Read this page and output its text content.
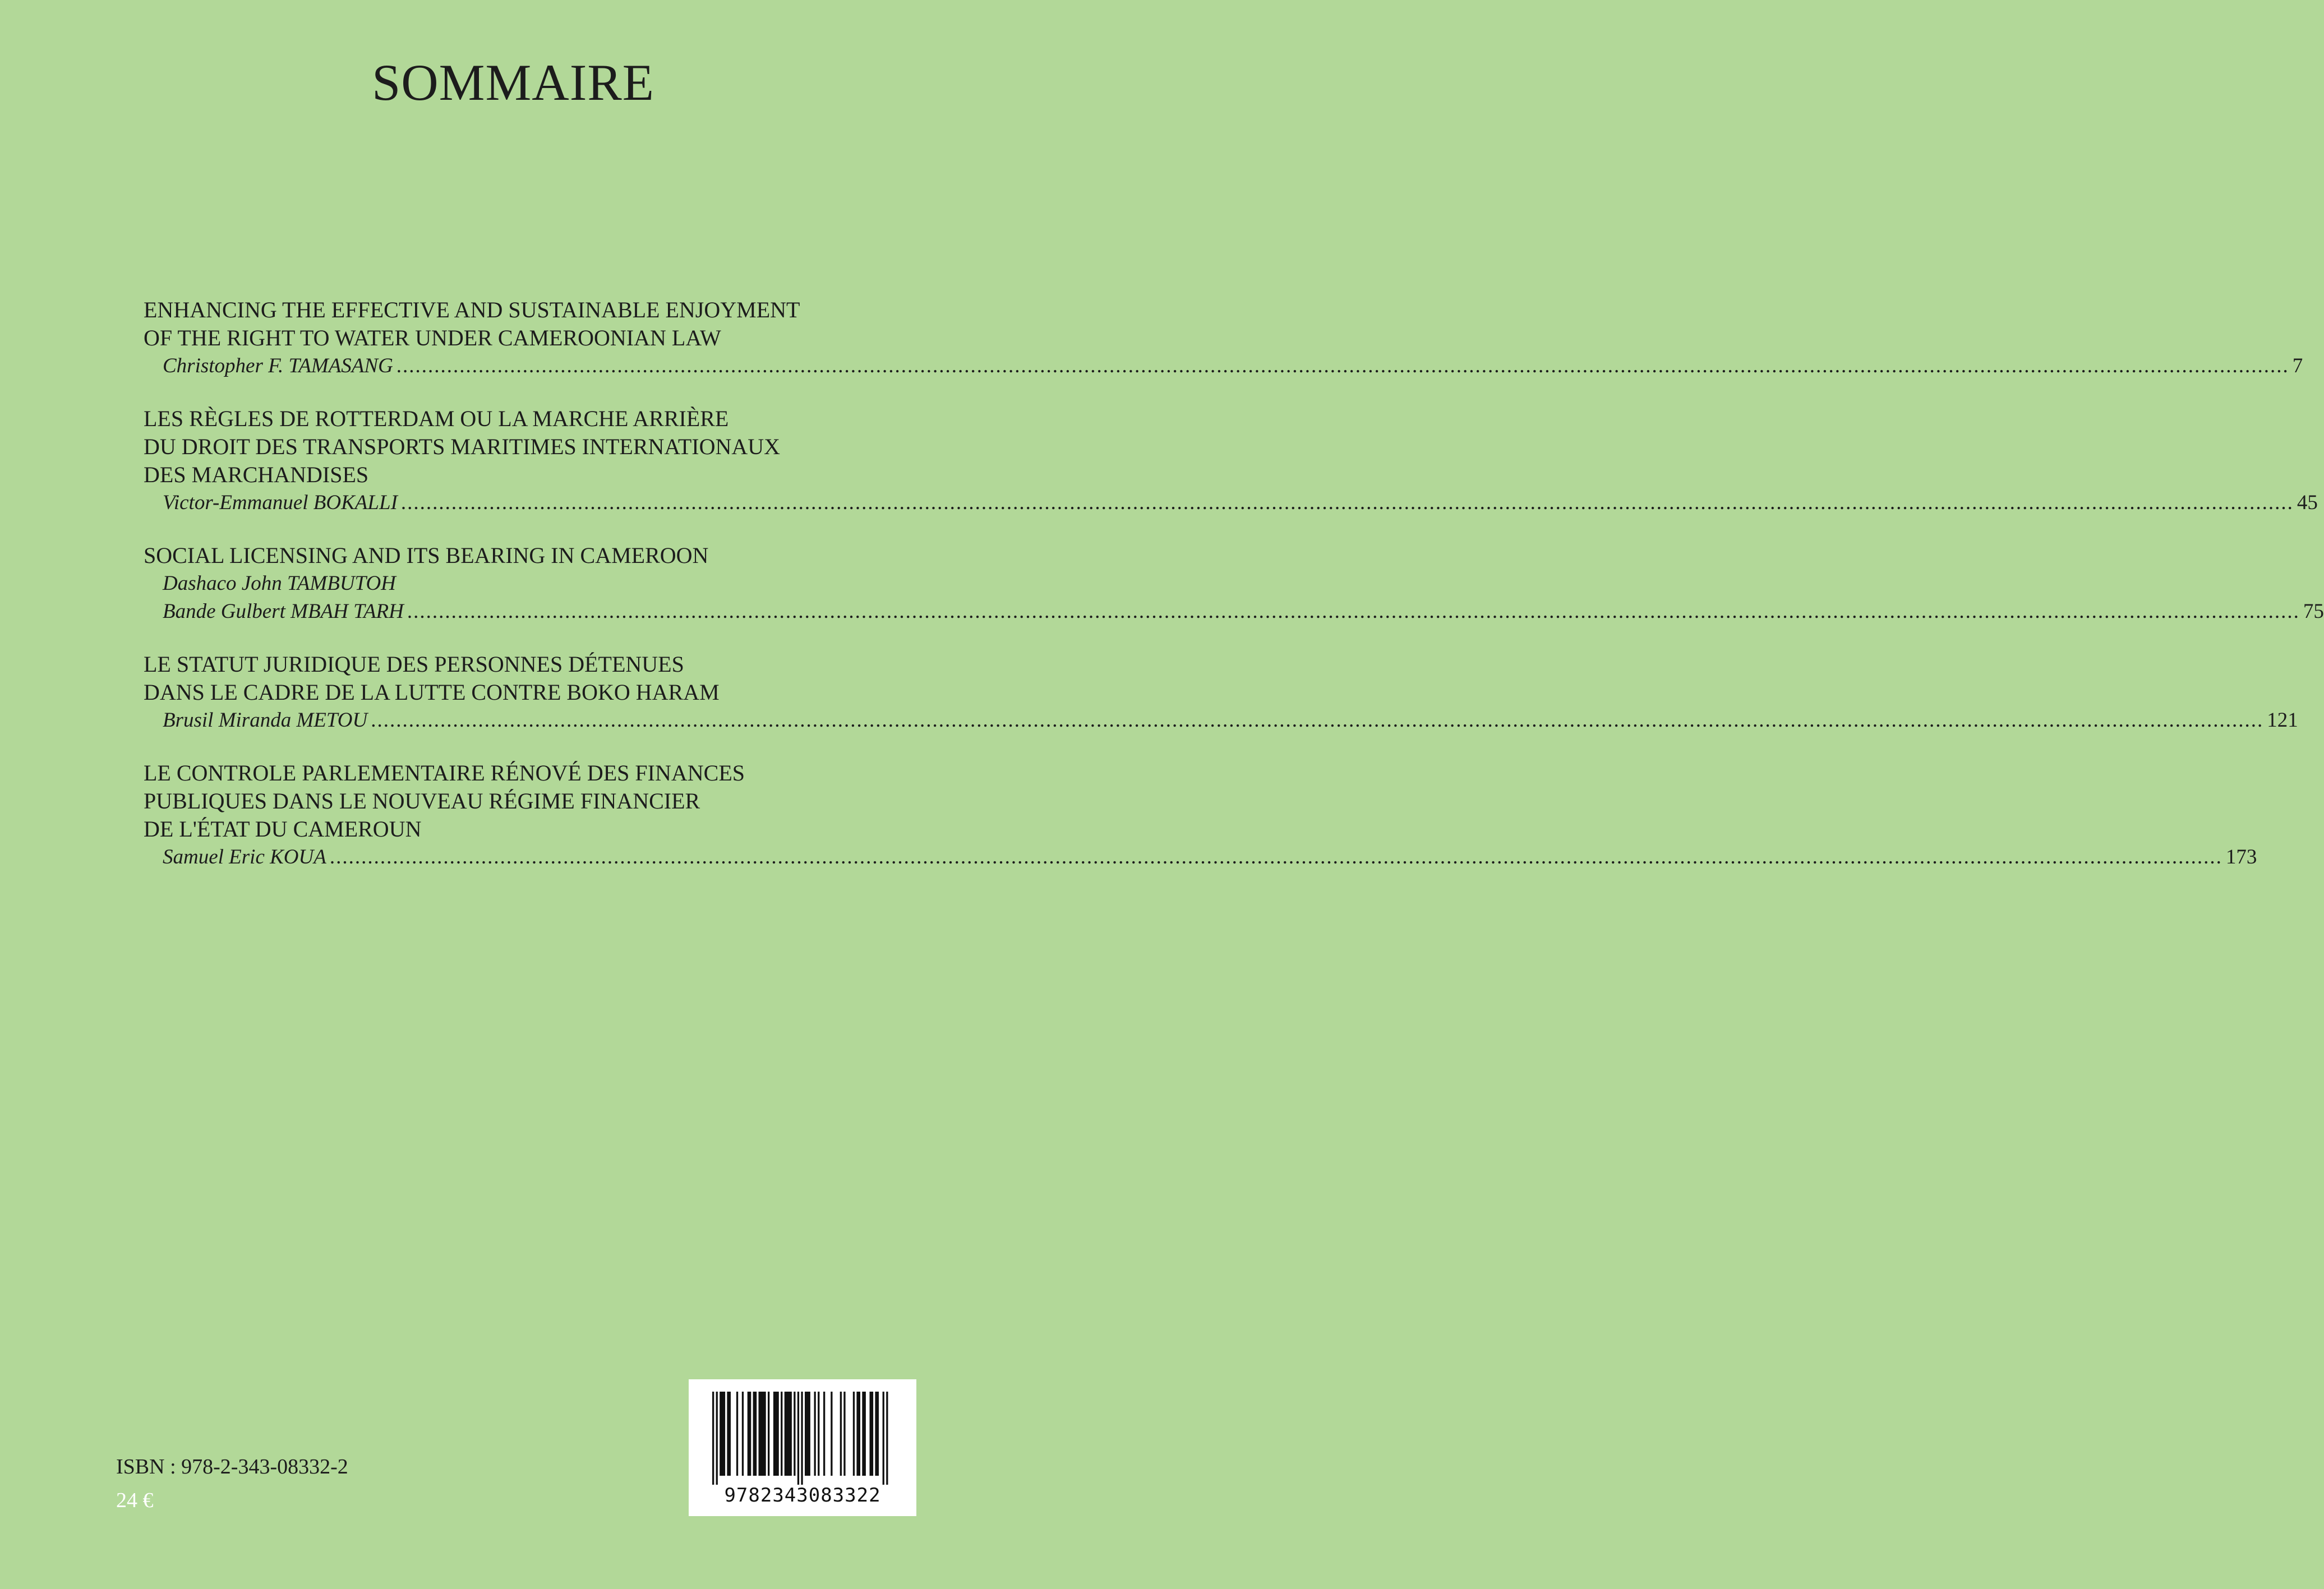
SOMMAIRE
ENHANCING THE EFFECTIVE AND SUSTAINABLE ENJOYMENT
OF THE RIGHT TO WATER UNDER CAMEROONIAN LAW
Christopher F. TAMASANG ............................................................................................................................................................................................................................................................................................................ 7
LES RÈGLES DE ROTTERDAM OU LA MARCHE ARRIÈRE
DU DROIT DES TRANSPORTS MARITIMES INTERNATIONAUX
DES MARCHANDISES
Victor-Emmanuel BOKALLI ............................................................................................................................................................................................................................................................................................................ 45
SOCIAL LICENSING AND ITS BEARING IN CAMEROON
Dashaco John TAMBUTOH
Bande Gulbert MBAH TARH ............................................................................................................................................................................................................................................................................................................ 75
LE STATUT JURIDIQUE DES PERSONNES DÉTENUES
DANS LE CADRE DE LA LUTTE CONTRE BOKO HARAM
Brusil Miranda METOU ............................................................................................................................................................................................................................................................................................................ 121
LE CONTROLE PARLEMENTAIRE RÉNOVÉ DES FINANCES
PUBLIQUES DANS LE NOUVEAU RÉGIME FINANCIER
DE L'ÉTAT DU CAMEROUN
Samuel Eric KOUA ............................................................................................................................................................................................................................................................................................................ 173
ISBN : 978-2-343-08332-2
24 €	9782343083322
